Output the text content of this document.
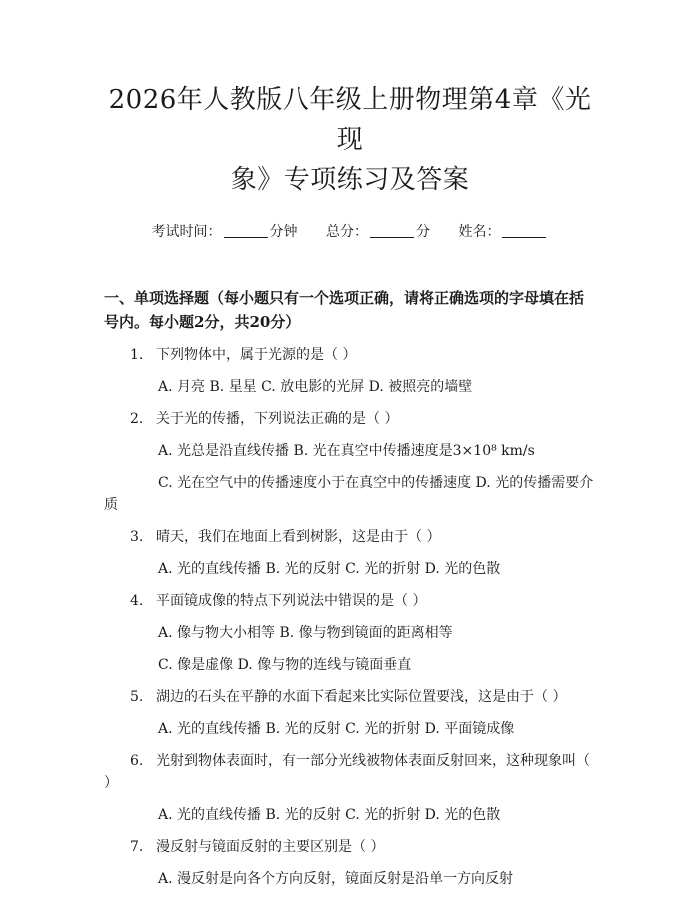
2026年人教版八年级上册物理第4章《光现
象》专项练习及答案
考试时间：	分钟 总分：	分 姓名：
一、单项选择题（每小题只有一个选项正确，请将正确选项的字母填在括号内。每小题2分，共20分）
1. 下列物体中，属于光源的是（ ）
A. 月亮 B. 星星 C. 放电影的光屏 D. 被照亮的墙壁
2. 关于光的传播，下列说法正确的是（ ）
A. 光总是沿直线传播 B. 光在真空中传播速度是3×10⁸ km/s
C. 光在空气中的传播速度小于在真空中的传播速度 D. 光的传播需要介质
3. 晴天，我们在地面上看到树影，这是由于（ ）
A. 光的直线传播 B. 光的反射 C. 光的折射 D. 光的色散
4. 平面镜成像的特点下列说法中错误的是（ ）
A. 像与物大小相等 B. 像与物到镜面的距离相等
C. 像是虚像 D. 像与物的连线与镜面垂直
5. 湖边的石头在平静的水面下看起来比实际位置要浅，这是由于（ ）
A. 光的直线传播 B. 光的反射 C. 光的折射 D. 平面镜成像
6. 光射到物体表面时，有一部分光线被物体表面反射回来，这种现象叫（ ）
A. 光的直线传播 B. 光的反射 C. 光的折射 D. 光的色散
7. 漫反射与镜面反射的主要区别是（ ）
A. 漫反射是向各个方向反射，镜面反射是沿单一方向反射
